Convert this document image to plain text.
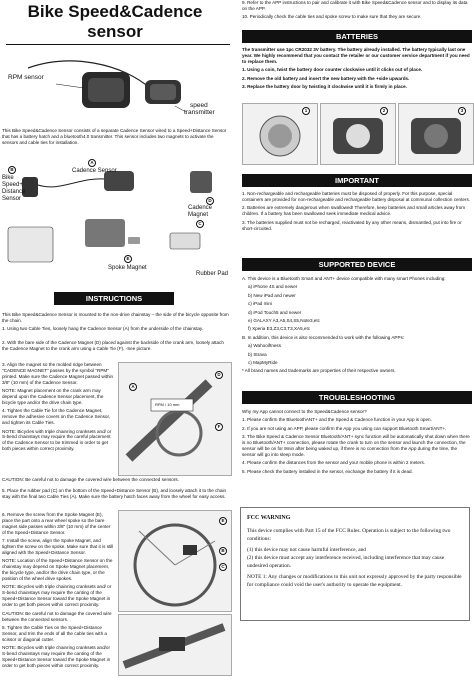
Bike Speed&Cadence
sensor
RPM sensor
speed
transmitter
This Bike Speed&Cadence Sensor consists of a separate Cadence Sensor wired to a Speed+Distance Sensor that has a battery hatch and a bluetooth4.0 transmitter. This sensor includes two magnets to activate the sensors and cable ties for installation.
A
B
C
D
E
Bike Speed+ Distance Sensor
Cadence Sensor
Cadence Magnet
Spoke Magnet
Rubber Pad
INSTRUCTIONS
This Bike Speed&Cadence Sensor is mounted to the non-drive chainstay – the side of the bicycle opposite from the chain.
1. Using two Cable Ties, loosely hang the Cadence Sensor (A) from the underside of the chainstay.
2. With the bare side of the Cadence Magnet (D) placed against the backside of the crank arm, loosely attach the Cadence Magnet to the crank arm using a Cable Tie (F). -See picture.

3. Align the magnet so the molded ridge between "CADENCE MAGNET" passes by the symbol "RPM" printed. Make sure the Cadence Magnet passed within 3/8" (10 mm) of the Cadence Sensor.

NOTE: Magnet placement on the crank arm may depend upon the Cadence Sensor placement, the bicycle type and/or the drive chain type.

4. Tighten the Cable Tie for the Cadence Magnet, remove the adhesive covers on the Cadence Sensor, and tighten its Cable Ties.

NOTE: Bicycles with triple chainring cranksets and/ or S-bend chainstays may require the careful placement of the Cadence Sensor to be trimmed in order to get both pieces within correct proximity.

CAUTION: Be careful not to damage the covered wire between the connected sensors.
5. Place the rubber pad (C) on the bottom of the Speed+Distance Sensor (B), and loosely attach it to the chain stay with the final two Cable Ties (A). Make sure the battery hatch faces away from the wheel for easy access.

6. Remove the screw from the Spoke Magnet (E), place the part onto a rear wheel spoke so the bare magnet side passes within 3/8" (10 mm) of the center of the Speed+Distance Sensor.

7. Install the screw, align the Spoke Magnet, and tighten the screw on the spoke. Make sure that it is still aligned with the Speed+Distance Sensor.

NOTE: Location of the Speed+Distance Sensor on the chainstay may depend on Spoke Magnet placement, the bicycle type, and/or the drive chain type, or the position of the wheel drive spokes.

NOTE: Bicycles with triple chainring cranksets and/ or S-bend chainstays may require the canting of the Speed+Distance Sensor toward the Spoke Magnet in order to get both pieces within correct proximity.

CAUTION: Be careful not to damage the covered wire between the connected sensors.

8. Tighten the Cable Ties on the Speed+Distance Sensor, and trim the ends of all the cable ties with a scissor or diagonal cutter.

NOTE: Bicycles with triple chainring cranksets and/or S-bend chainstays may require the canting of the Speed+Distance Sensor toward the Spoke Magnet in order to get both pieces within correct proximity.

RPM / 10 mm
D
F
A
E
B
C

9. Refer to the APP instructions to pair and calibrate it with Bike Speed&Cadence sensor and to display its data on the APP.

10. Periodically check the cable ties and spoke screw to make sure that they are secure.

BATTERIES

The transmitter use 1pc CR2032 3V battery. The battery already installed. The battery typically last one year. We highly recommend that you contact the retailer or our customer service department if you need to replace them.

1. Using a coin, twist the battery door counter clockwise until it clicks out of place.

2. Remove the old battery and insert the new battery with the +side upwards.

3. Replace the battery door by twisting it clockwise until it is firmly in place.

1	2	3
IMPORTANT

1. Non-rechargeable and rechargeable batteries must be disposed of properly. For this purpose, special containers are provided for non-rechargeable and rechargeable battery disposal at communal collection centers.

2. Batteries are extremely dangerous when swallowed! Therefore, keep batteries and small articles away from children. If a battery has been swallowed seek immediate medical advice.

3. The batteries supplied must not be recharged, reactivated by any other means, dismantled, put into fire or short-circuited.

SUPPORTED DEVICE

A. This device is a Bluetooth Smart and ANT+ device compatible with many smart Phones including:

a) iPhone 4S and newer

b) New iPad and newer

c) iPad mini

d) iPod Touch5 and newer

e) GALAXY A3,A5,S4,S5,Note3,etc

f) Xperia E3,Z3,C3,T3,XA5,etc

B. In addition, this device is also recommended to work with the following APPs:

a) Wahooiftness

b) Strava

c) MapMyRide

* All brand names and trademarks are properties of their respective owners.

TROUBLESHOOTING

Why my App cannot connect to the Speed&Cadence sensor?

1. Please confirm the BluetoothANT+ and the Speed & Cadence function in your App is open.

2. If you are not using an APP, please confirm the App you using can support Bluetooth Smart/ANT+.

3. The Bike Speed & Cadence Sensor Bluetooth/ANT+ sync function will be automatically shut down when there is no Bluetooth/ANT+ connection, please rotate the crank to turn on the sensor and launch the connection, the sensor will be on for 9min after being waked up, if there is no connection from the App during the time, the sensor will go into sleep mode.

4. Please confirm the distances from the sensor and your mobile phone is within 2 meters.

5. Please check the battery installed in the sensor, exchange the battery if it is dead.

FCC WARNING
This device complies with Part 15 of the FCC Rules. Operation is subject to the following two conditions:
(1) this device may not cause harmful interference, and
(2) this device must accept any interference received, including interference that may cause undesired operation.
NOTE 1: Any changes or modifications to this unit not expressly approved by the party responsible for compliance could void the user's authority to operate the equipment.
